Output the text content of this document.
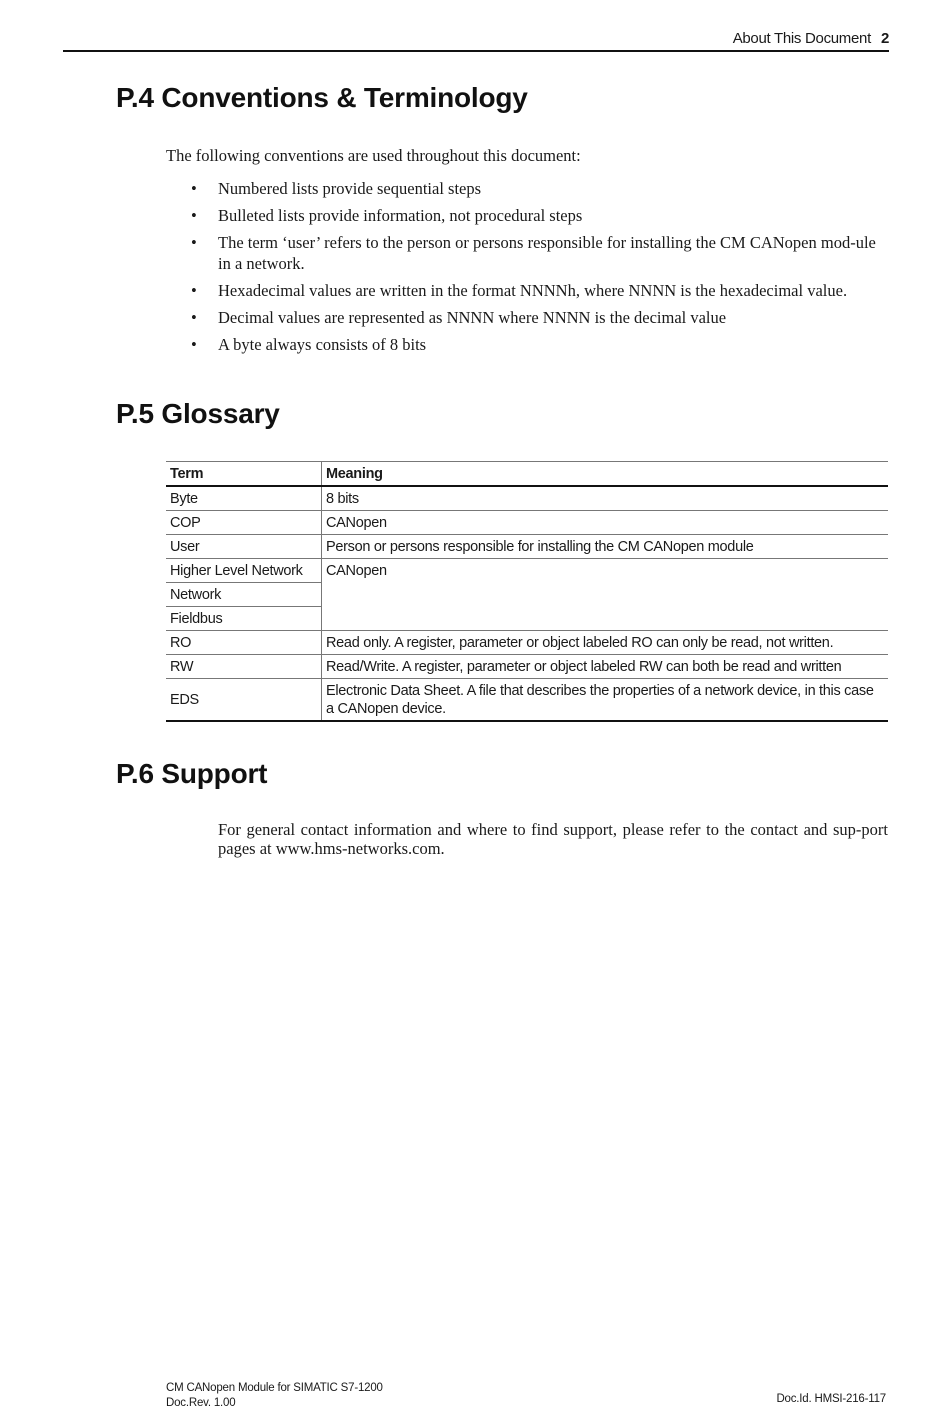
About This Document 2
P.4 Conventions & Terminology
The following conventions are used throughout this document:
• Numbered lists provide sequential steps
• Bulleted lists provide information, not procedural steps
• The term ‘user’ refers to the person or persons responsible for installing the CM CANopen mod-ule in a network.
• Hexadecimal values are written in the format NNNNh, where NNNN is the hexadecimal value.
• Decimal values are represented as NNNN where NNNN is the decimal value
• A byte always consists of 8 bits
P.5 Glossary
Term	Meaning
Byte	8 bits
COP	CANopen
User	Person or persons responsible for installing the CM CANopen module
Higher Level Network	CANopen
Network	
Fieldbus	
RO	Read only. A register, parameter or object labeled RO can only be read, not written.
RW	Read/Write. A register, parameter or object labeled RW can both be read and written
EDS	Electronic Data Sheet. A file that describes the properties of a network device, in this case a CANopen device.
P.6 Support
For general contact information and where to find support, please refer to the contact and sup-port pages at www.hms-networks.com.
CM CANopen Module for SIMATIC S7-1200
Doc.Rev. 1.00	Doc.Id. HMSI-216-117
